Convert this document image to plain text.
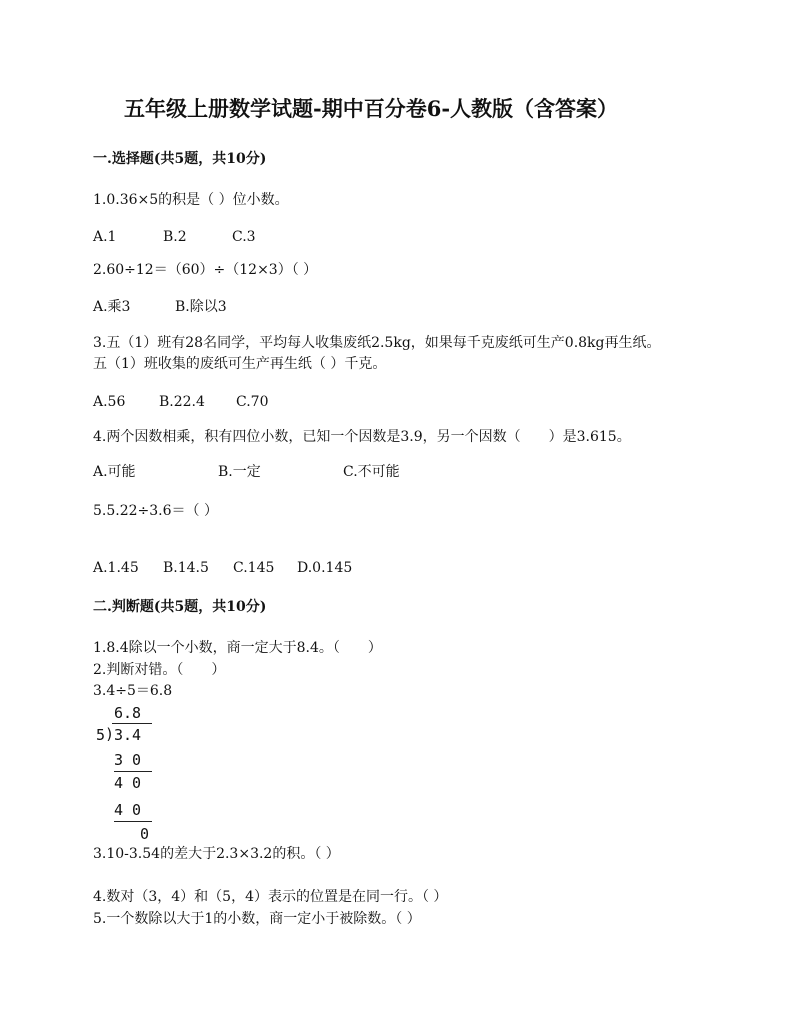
五年级上册数学试题-期中百分卷6-人教版（含答案）
一.选择题(共5题，共10分)
1.0.36×5的积是（ ）位小数。
A.1	B.2	C.3
2.60÷12＝（60）÷（12×3）（ ）
A.乘3	B.除以3
3.五（1）班有28名同学，平均每人收集废纸2.5kg，如果每千克废纸可生产0.8kg再生纸。
五（1）班收集的废纸可生产再生纸（ ）千克。
A.56 B.22.4 C.70
4.两个因数相乘，积有四位小数，已知一个因数是3.9，另一个因数（　　）是3.615。
A.可能	B.一定	C.不可能
5.5.22÷3.6＝（ ）
A.1.45 B.14.5 C.145 D.0.145
二.判断题(共5题，共10分)
1.8.4除以一个小数，商一定大于8.4。（　　）
2.判断对错。（　　）
3.4÷5＝6.8
6.8
5 ) 3.4
3 0
4 0
4 0
0
3.10-3.54的差大于2.3×3.2的积。（ ）
4.数对（3，4）和（5，4）表示的位置是在同一行。（ ）
5.一个数除以大于1的小数，商一定小于被除数。（ ）
